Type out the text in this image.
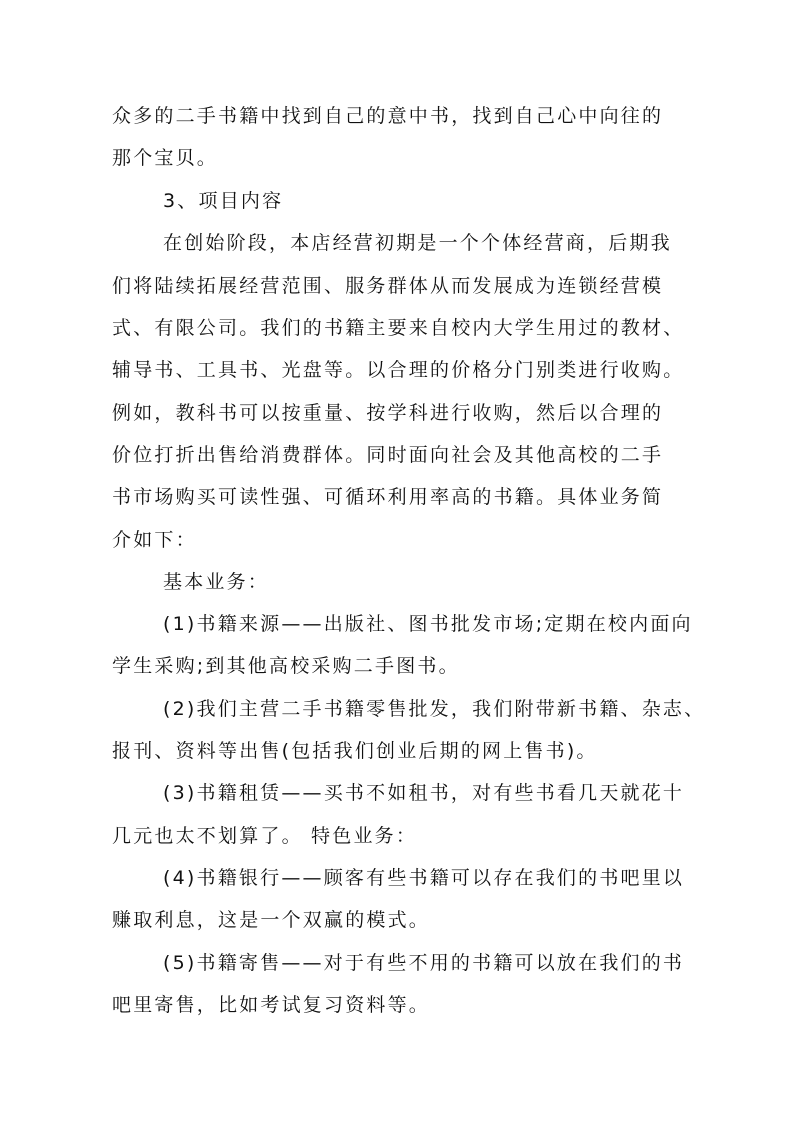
众多的二手书籍中找到自己的意中书，找到自己心中向往的
那个宝贝。
3、项目内容
在创始阶段，本店经营初期是一个个体经营商，后期我
们将陆续拓展经营范围、服务群体从而发展成为连锁经营模
式、有限公司。我们的书籍主要来自校内大学生用过的教材、
辅导书、工具书、光盘等。以合理的价格分门别类进行收购。
例如，教科书可以按重量、按学科进行收购，然后以合理的
价位打折出售给消费群体。同时面向社会及其他高校的二手
书市场购买可读性强、可循环利用率高的书籍。具体业务简
介如下：
基本业务：
(1)书籍来源——出版社、图书批发市场;定期在校内面向
学生采购;到其他高校采购二手图书。
(2)我们主营二手书籍零售批发，我们附带新书籍、杂志、
报刊、资料等出售(包括我们创业后期的网上售书)。
(3)书籍租赁——买书不如租书，对有些书看几天就花十
几元也太不划算了。 特色业务：
(4)书籍银行——顾客有些书籍可以存在我们的书吧里以
赚取利息，这是一个双赢的模式。
(5)书籍寄售——对于有些不用的书籍可以放在我们的书
吧里寄售，比如考试复习资料等。
